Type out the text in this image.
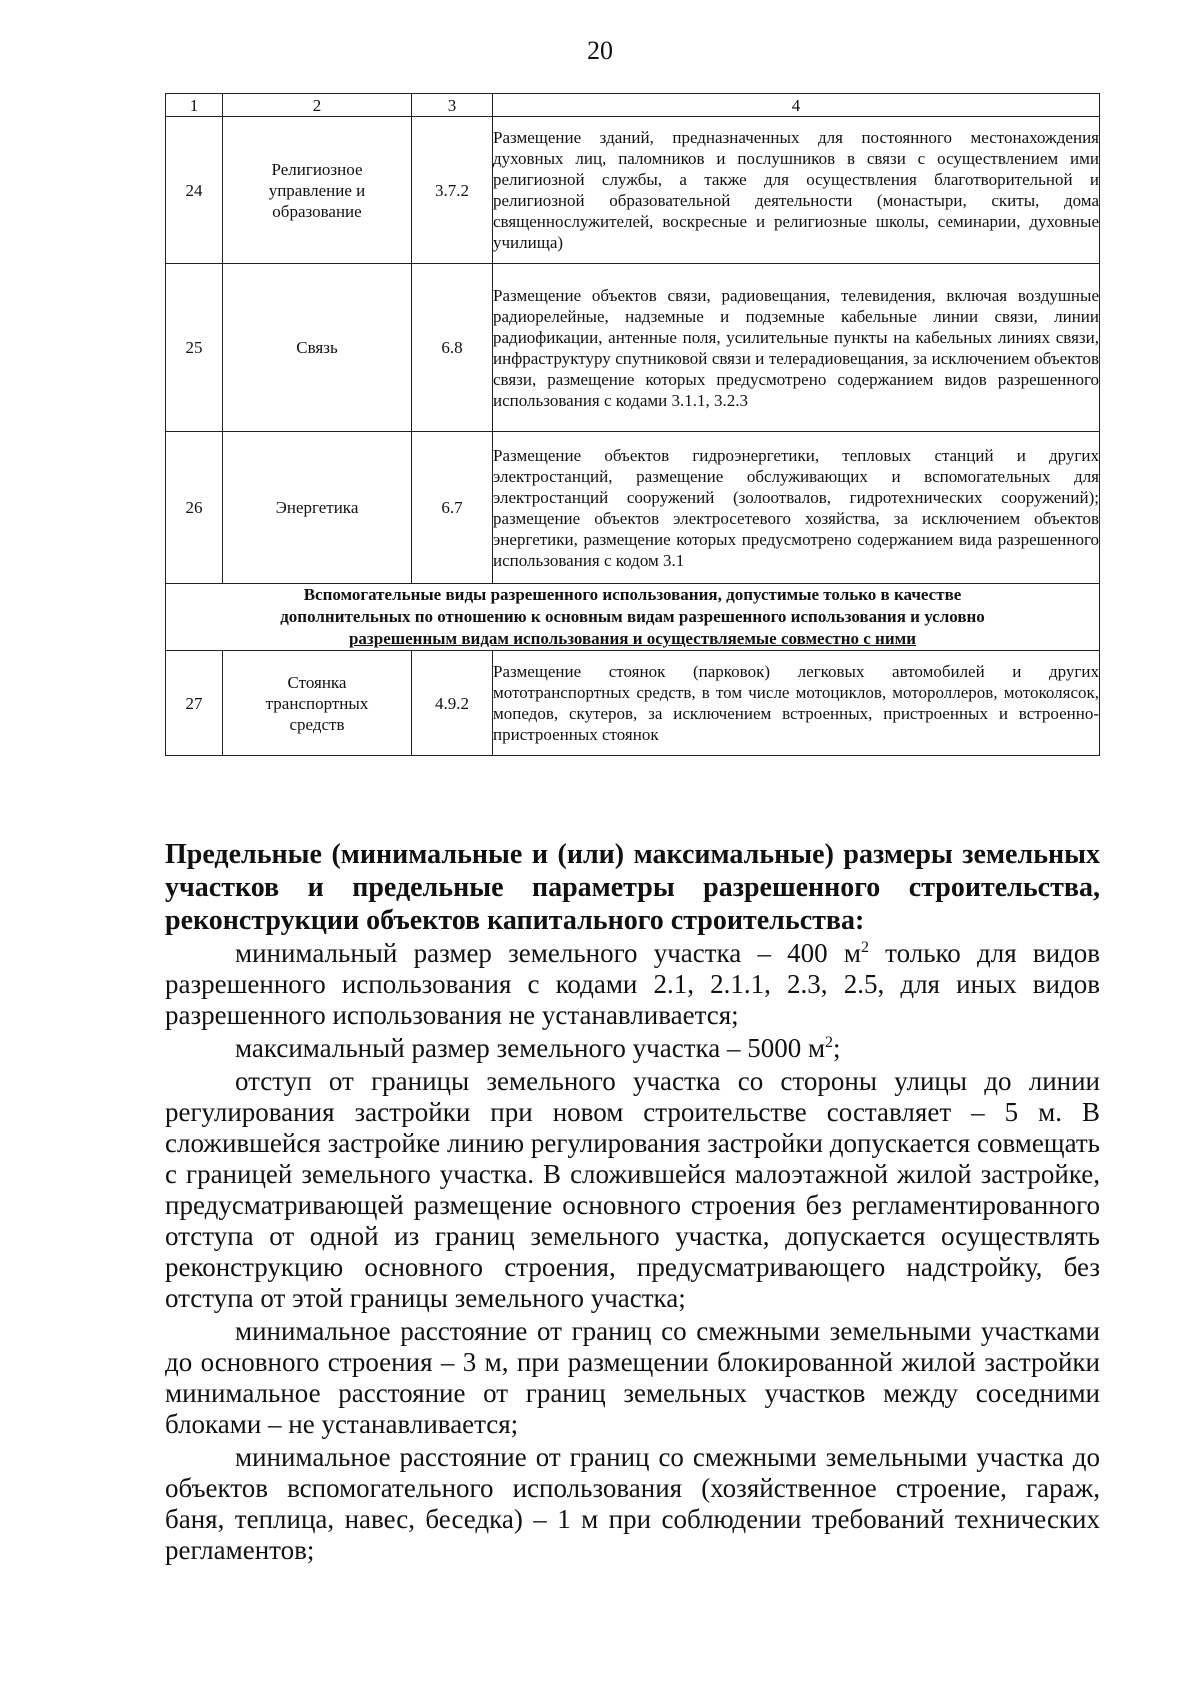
20
1	2	3	4
24	Религиозное управление и образование	3.7.2	Размещение зданий, предназначенных для постоянного местонахождения духовных лиц, паломников и послушников в связи с осуществлением ими религиозной службы, а также для осуществления благотворительной и религиозной образовательной деятельности (монастыри, скиты, дома священнослужителей, воскресные и религиозные школы, семинарии, духовные училища)
25	Связь	6.8	Размещение объектов связи, радиовещания, телевидения, включая воздушные радиорелейные, надземные и подземные кабельные линии связи, линии радиофикации, антенные поля, усилительные пункты на кабельных линиях связи, инфраструктуру спутниковой связи и телерадиовещания, за исключением объектов связи, размещение которых предусмотрено содержанием видов разрешенного использования с кодами 3.1.1, 3.2.3
26	Энергетика	6.7	Размещение объектов гидроэнергетики, тепловых станций и других электростанций, размещение обслуживающих и вспомогательных для электростанций сооружений (золоотвалов, гидротехнических сооружений); размещение объектов электросетевого хозяйства, за исключением объектов энергетики, размещение которых предусмотрено содержанием вида разрешенного использования с кодом 3.1

Вспомогательные виды разрешенного использования, допустимые только в качестве
дополнительных по отношению к основным видам разрешенного использования и условно
разрешенным видам использования и осуществляемые совместно с ними			

27	Стоянка транспортных средств	4.9.2	Размещение стоянок (парковок) легковых автомобилей и других мототранспортных средств, в том числе мотоциклов, мотороллеров, мотоколясок, мопедов, скутеров, за исключением встроенных, пристроенных и встроенно-пристроенных стоянок
Предельные (минимальные и (или) максимальные) размеры земельных участков и предельные параметры разрешенного строительства, реконструкции объектов капитального строительства:

минимальный размер земельного участка – 400 $м^2$ только для видов разрешенного использования с кодами 2.1, 2.1.1, 2.3, 2.5, для иных видов разрешенного использования не устанавливается;

максимальный размер земельного участка – 5000 $м^2$;

отступ от границы земельного участка со стороны улицы до линии регулирования застройки при новом строительстве составляет – 5 м. В сложившейся застройке линию регулирования застройки допускается совмещать с границей земельного участка. В сложившейся малоэтажной жилой застройке, предусматривающей размещение основного строения без регламентированного отступа от одной из границ земельного участка, допускается осуществлять реконструкцию основного строения, предусматривающего надстройку, без отступа от этой границы земельного участка;

минимальное расстояние от границ со смежными земельными участками до основного строения – 3 м, при размещении блокированной жилой застройки минимальное расстояние от границ земельных участков между соседними блоками – не устанавливается;

минимальное расстояние от границ со смежными земельными участка до объектов вспомогательного использования (хозяйственное строение, гараж, баня, теплица, навес, беседка) – 1 м при соблюдении требований технических регламентов;
